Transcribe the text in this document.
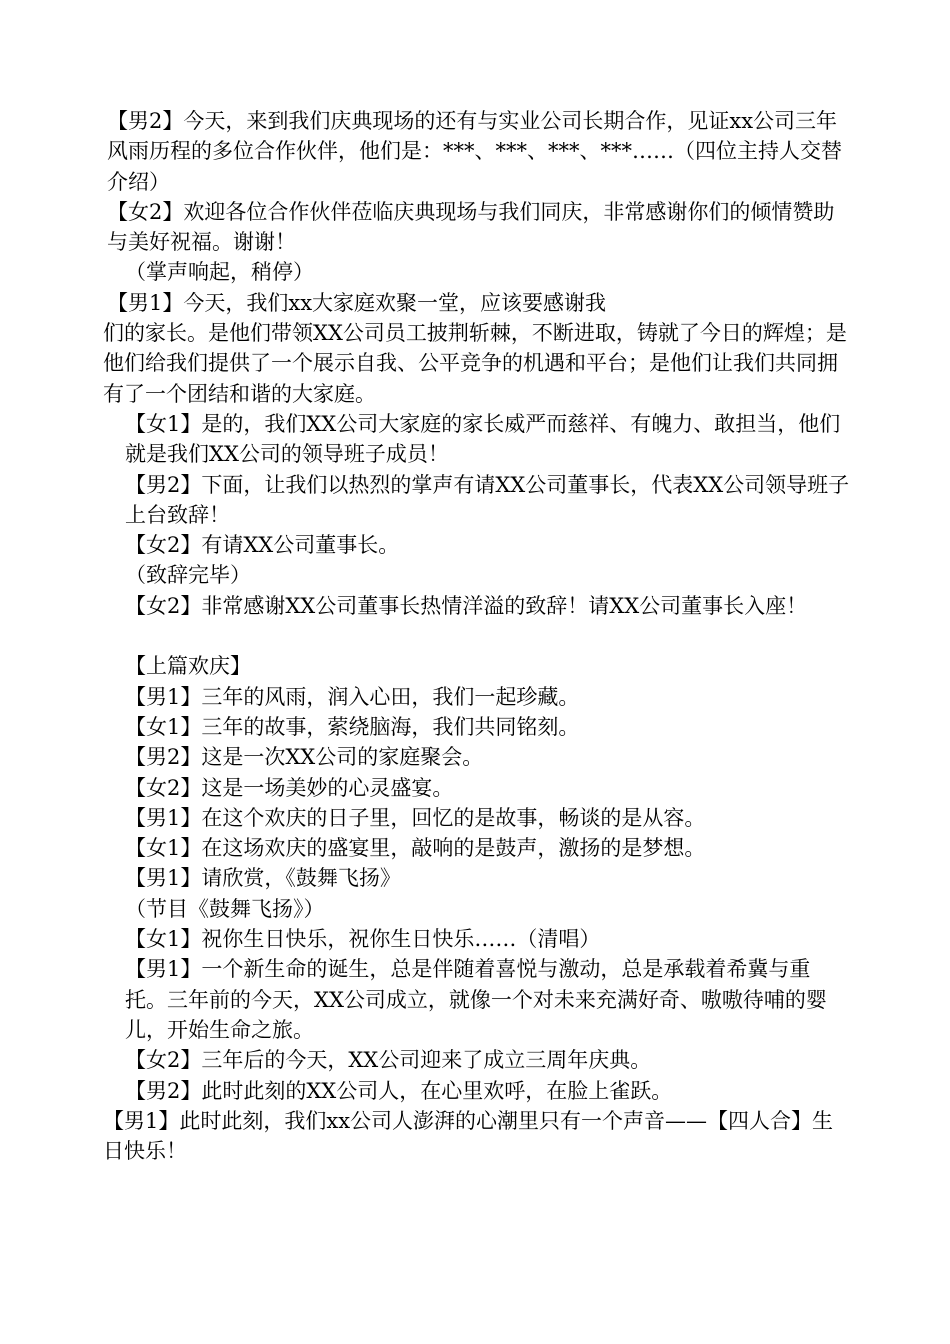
【男2】今天，来到我们庆典现场的还有与实业公司长期合作，见证xx公司三年风雨历程的多位合作伙伴，他们是：***、***、***、***……（四位主持人交替介绍）

【女2】欢迎各位合作伙伴莅临庆典现场与我们同庆，非常感谢你们的倾情赞助与美好祝福。谢谢！

（掌声响起，稍停）

【男1】今天，我们xx大家庭欢聚一堂，应该要感谢我

们的家长。是他们带领XX公司员工披荆斩棘，不断进取，铸就了今日的辉煌；是他们给我们提供了一个展示自我、公平竞争的机遇和平台；是他们让我们共同拥有了一个团结和谐的大家庭。

【女1】是的，我们XX公司大家庭的家长威严而慈祥、有魄力、敢担当，他们就是我们XX公司的领导班子成员！

【男2】下面，让我们以热烈的掌声有请XX公司董事长，代表XX公司领导班子上台致辞！

【女2】有请XX公司董事长。

（致辞完毕）

【女2】非常感谢XX公司董事长热情洋溢的致辞！请XX公司董事长入座！

【上篇欢庆】

【男1】三年的风雨，润入心田，我们一起珍藏。

【女1】三年的故事，萦绕脑海，我们共同铭刻。

【男2】这是一次XX公司的家庭聚会。

【女2】这是一场美妙的心灵盛宴。

【男1】在这个欢庆的日子里，回忆的是故事，畅谈的是从容。

【女1】在这场欢庆的盛宴里，敲响的是鼓声，激扬的是梦想。

【男1】请欣赏，《鼓舞飞扬》

（节目《鼓舞飞扬》）

【女1】祝你生日快乐，祝你生日快乐……（清唱）

【男1】一个新生命的诞生，总是伴随着喜悦与激动，总是承载着希冀与重托。三年前的今天，XX公司成立，就像一个对未来充满好奇、嗷嗷待哺的婴儿，开始生命之旅。

【女2】三年后的今天，XX公司迎来了成立三周年庆典。

【男2】此时此刻的XX公司人，在心里欢呼，在脸上雀跃。

【男1】此时此刻，我们xx公司人澎湃的心潮里只有一个声音——【四人合】生日快乐！
